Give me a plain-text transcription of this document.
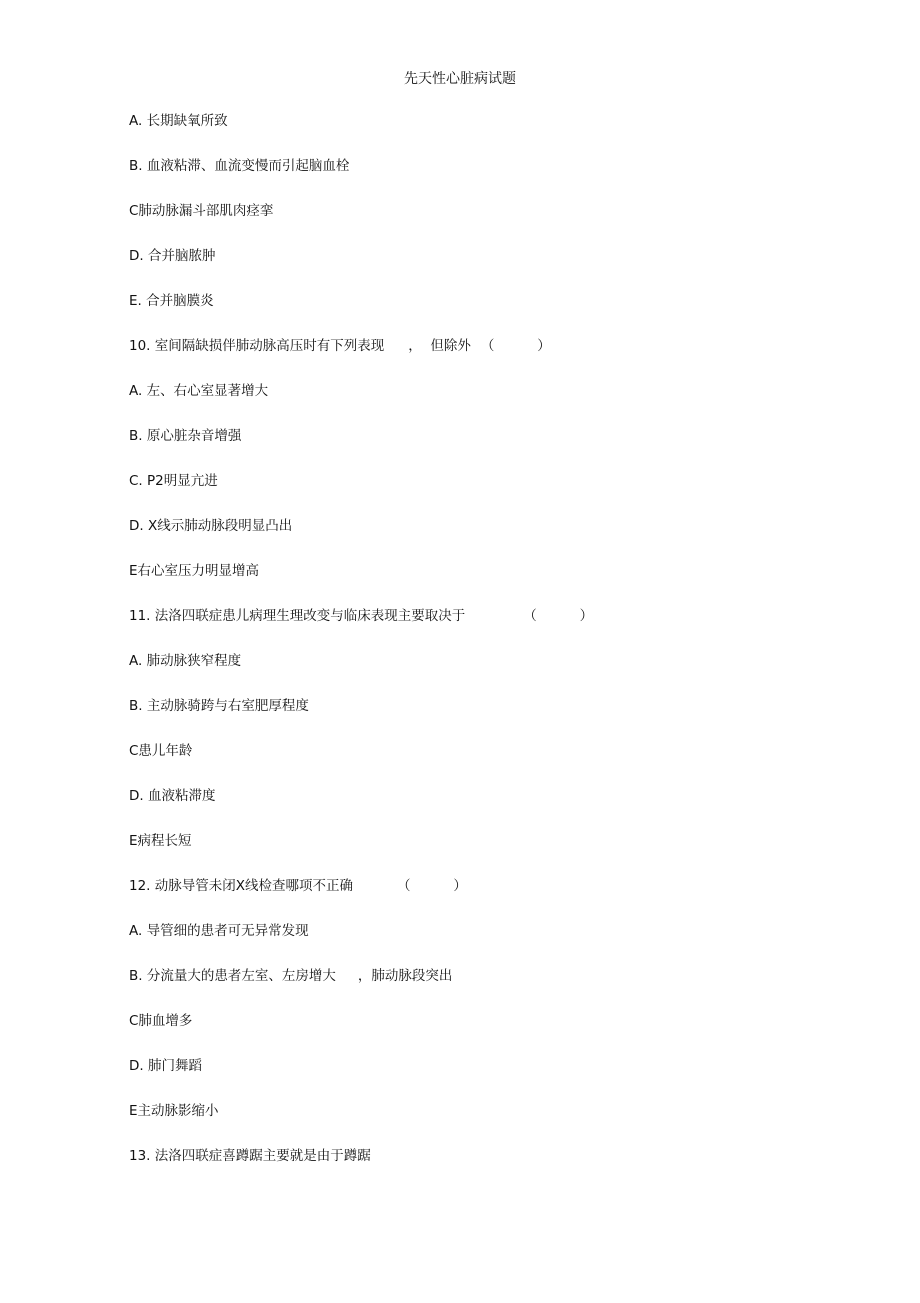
先天性心脏病试题
A. 长期缺氧所致
B. 血液粘滞、血流变慢而引起脑血栓
C肺动脉漏斗部肌肉痉挛
D. 合并脑脓肿
E. 合并脑膜炎
10. 室间隔缺损伴肺动脉高压时有下列表现 ，  但除外 （          ）
A. 左、右心室显著增大
B. 原心脏杂音增强
C. P2明显亢进
D. X线示肺动脉段明显凸出
E右心室压力明显增高
11. 法洛四联症患儿病理生理改变与临床表现主要取决于	（          ）
A. 肺动脉狭窄程度
B. 主动脉骑跨与右室肥厚程度
C患儿年龄
D. 血液粘滞度
E病程长短
12. 动脉导管未闭X线检查哪项不正确	（          ）
A. 导管细的患者可无异常发现
B. 分流量大的患者左室、左房增大 ，肺动脉段突出
C肺血增多
D. 肺门舞蹈
E主动脉影缩小
13. 法洛四联症喜蹲踞主要就是由于蹲踞
